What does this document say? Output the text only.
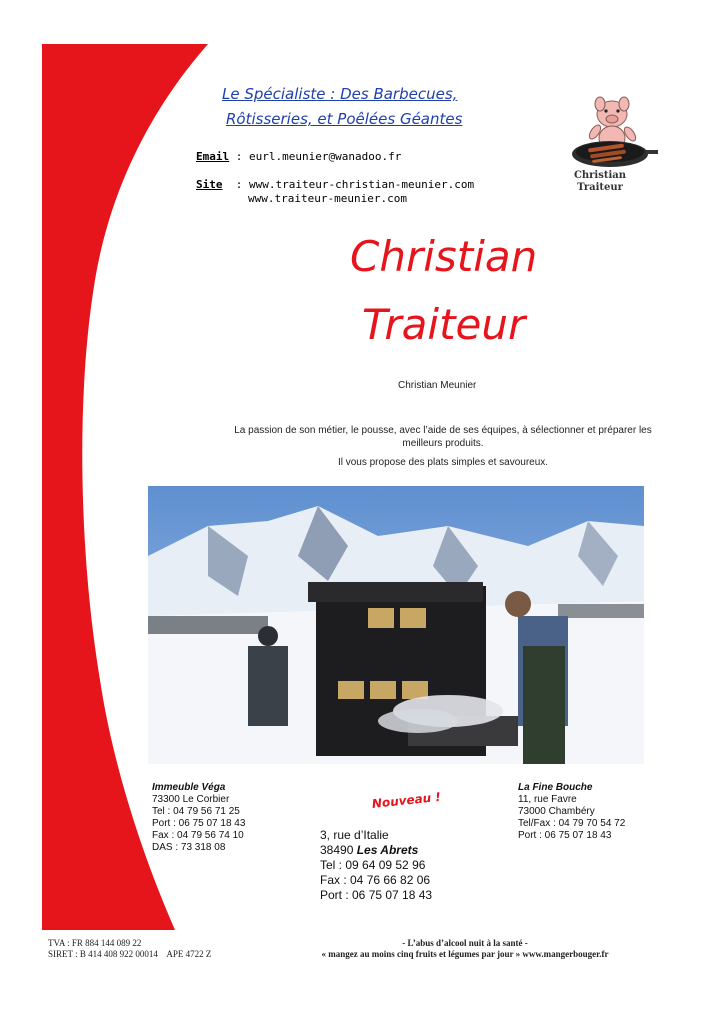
Le Spécialiste : Des Barbecues,
Rôtisseries, et Poêlées Géantes
Email : eurl.meunier@wanadoo.fr
Site  : www.traiteur-christian-meunier.com
www.traiteur-meunier.com
Christian
Traiteur
Christian
Traiteur
Christian Meunier
La passion de son métier, le pousse, avec l’aide de ses équipes, à sélectionner et préparer les
meilleurs produits.
Il vous propose des plats simples et savoureux.
Immeuble Véga
73300 Le Corbier
Tel : 04 79 56 71 25
Port : 06 75 07 18 43
Fax : 04 79 56 74 10
DAS : 73 318 08
Nouveau !
3, rue d’Italie
38490 Les Abrets
Tel : 09 64 09 52 96
Fax : 04 76 66 82 06
Port : 06 75 07 18 43
La Fine Bouche
11, rue Favre
73000 Chambéry
Tel/Fax : 04 79 70 54 72
Port : 06 75 07 18 43
TVA : FR 884 144 089 22
SIRET : B 414 408 922 00014    APE 4722 Z
- L’abus d’alcool nuit à la santé -
« mangez au moins cinq fruits et légumes par jour » www.mangerbouger.fr
